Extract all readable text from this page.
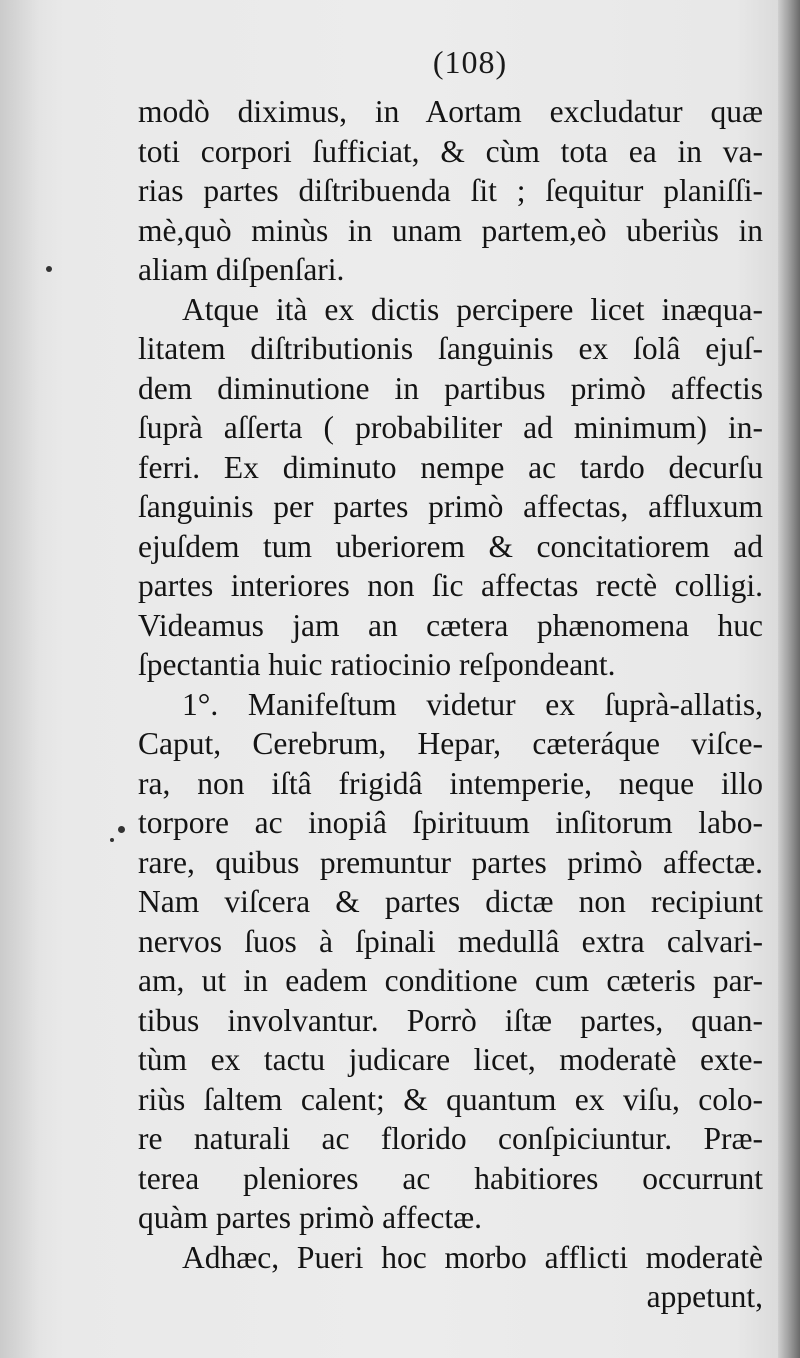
(108)
modò diximus, in Aortam excludatur quæ
toti corpori ſufficiat, & cùm tota ea in va-
rias partes diſtribuenda ſit ; ſequitur planiſſi-
mè,quò minùs in unam partem,eò uberiùs in
aliam diſpenſari.
Atque ità ex dictis percipere licet inæqua-
litatem diſtributionis ſanguinis ex ſolâ ejuſ-
dem diminutione in partibus primò affectis
ſuprà aſſerta ( probabiliter ad minimum) in-
ferri. Ex diminuto nempe ac tardo decurſu
ſanguinis per partes primò affectas, affluxum
ejuſdem tum uberiorem & concitatiorem ad
partes interiores non ſic affectas rectè colligi.
Videamus jam an cætera phænomena huc
ſpectantia huic ratiocinio reſpondeant.
1°. Manifeſtum videtur ex ſuprà-allatis,
Caput, Cerebrum, Hepar, cæteráque viſce-
ra, non iſtâ frigidâ intemperie, neque illo
torpore ac inopiâ ſpirituum inſitorum labo-
rare, quibus premuntur partes primò affectæ.
Nam viſcera & partes dictæ non recipiunt
nervos ſuos à ſpinali medullâ extra calvari-
am, ut in eadem conditione cum cæteris par-
tibus involvantur. Porrò iſtæ partes, quan-
tùm ex tactu judicare licet, moderatè exte-
riùs ſaltem calent; & quantum ex viſu, colo-
re naturali ac florido conſpiciuntur. Præ-
terea pleniores ac habitiores occurrunt
quàm partes primò affectæ.
Adhæc, Pueri hoc morbo afflicti moderatè
appetunt,
